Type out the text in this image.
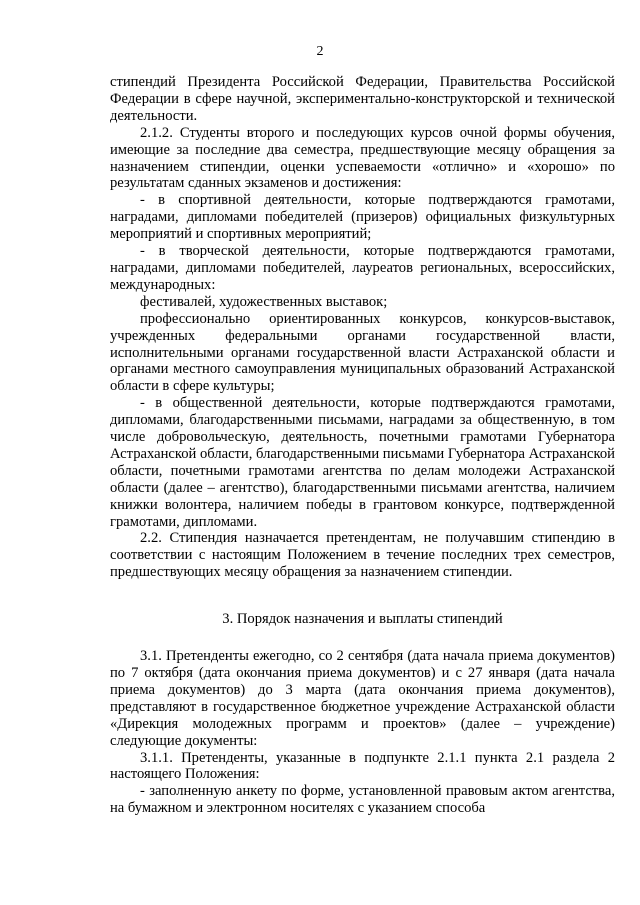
2

стипендий Президента Российской Федерации, Правительства Российской Федерации в сфере научной, экспериментально-конструкторской и технической деятельности.

2.1.2. Студенты второго и последующих курсов очной формы обучения, имеющие за последние два семестра, предшествующие месяцу обращения за назначением стипендии, оценки успеваемости «отлично» и «хорошо» по результатам сданных экзаменов и достижения:

- в спортивной деятельности, которые подтверждаются грамотами, наградами, дипломами победителей (призеров) официальных физкультурных мероприятий и спортивных мероприятий;

- в творческой деятельности, которые подтверждаются грамотами, наградами, дипломами победителей, лауреатов региональных, всероссийских, международных:

фестивалей, художественных выставок;

профессионально ориентированных конкурсов, конкурсов-выставок, учрежденных федеральными органами государственной власти, исполнительными органами государственной власти Астраханской области и органами местного самоуправления муниципальных образований Астраханской области в сфере культуры;

- в общественной деятельности, которые подтверждаются грамотами, дипломами, благодарственными письмами, наградами за общественную, в том числе добровольческую, деятельность, почетными грамотами Губернатора Астраханской области, благодарственными письмами Губернатора Астраханской области, почетными грамотами агентства по делам молодежи Астраханской области (далее – агентство), благодарственными письмами агентства, наличием книжки волонтера, наличием победы в грантовом конкурсе, подтвержденной грамотами, дипломами.

2.2. Стипендия назначается претендентам, не получавшим стипендию в соответствии с настоящим Положением в течение последних трех семестров, предшествующих месяцу обращения за назначением стипендии.

3. Порядок назначения и выплаты стипендий

3.1. Претенденты ежегодно, со 2 сентября (дата начала приема документов) по 7 октября (дата окончания приема документов) и с 27 января (дата начала приема документов) до 3 марта (дата окончания приема документов), представляют в государственное бюджетное учреждение Астраханской области «Дирекция молодежных программ и проектов» (далее – учреждение) следующие документы:

3.1.1. Претенденты, указанные в подпункте 2.1.1 пункта 2.1 раздела 2 настоящего Положения:

- заполненную анкету по форме, установленной правовым актом агентства, на бумажном и электронном носителях с указанием способа
